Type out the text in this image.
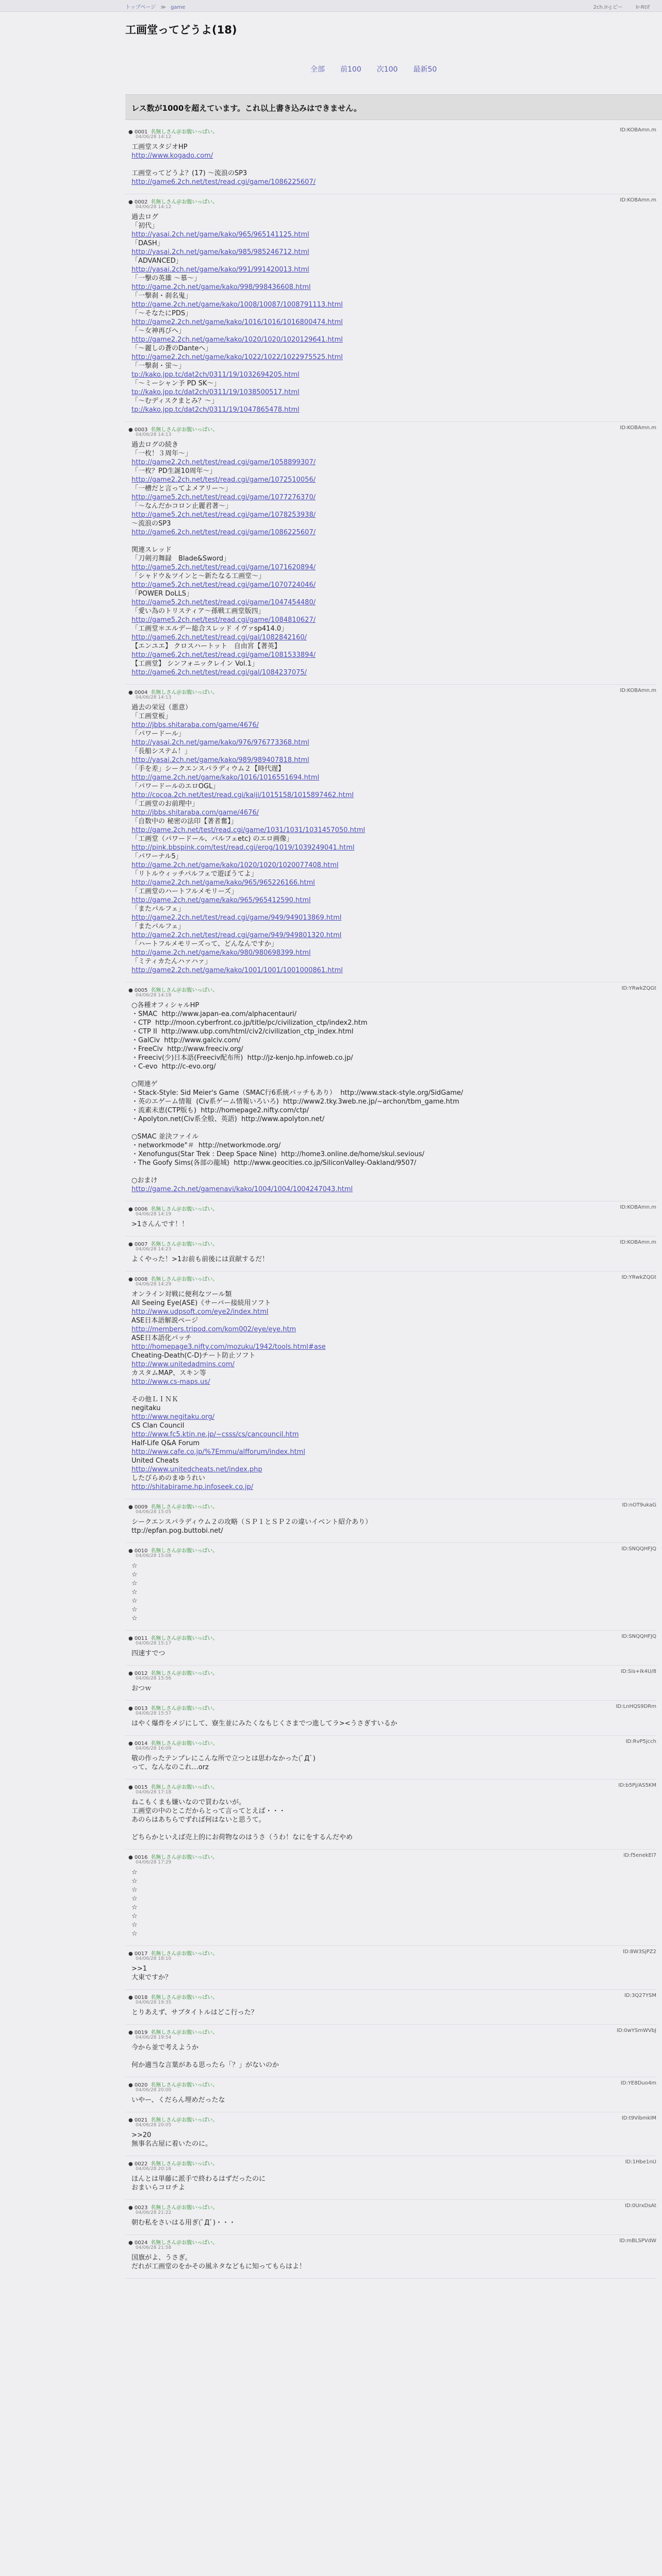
トップページ ≫ game	2ch.lr-j:ピー	lr-Rtif
工画堂ってどうよ(18)
全部	前100	次100	最新50
レス数が1000を超えています。これ以上書き込みはできません。
● 0001 名無しさん＠お腹いっぱい。
04/06/28 14:12
ID:KOBAmn.m
工画堂スタジオHP
http://www.kogado.com/
工画堂ってどうよ？(17) ～流浪のSP3
http://game6.2ch.net/test/read.cgi/game/1086225607/
● 0002 名無しさん＠お腹いっぱい。
04/06/28 14:12
ID:KOBAmn.m
過去ログ
「初代」
http://yasai.2ch.net/game/kako/965/965141125.html
「DASH」
http://yasai.2ch.net/game/kako/985/985246712.html
「ADVANCED」
http://yasai.2ch.net/game/kako/991/991420013.html
「一撃の英雄 ～慕～」
http://game.2ch.net/game/kako/998/998436608.html
「一撃刹・刹名鬼」
http://game.2ch.net/game/kako/1008/10087/1008791113.html
「～そなたにPDS」
http://game2.2ch.net/game/kako/1016/1016/1016800474.html
「～女神再びへ」
http://game2.2ch.net/game/kako/1020/1020/1020129641.html
「～麗しの蒼のDanteへ」
http://game2.2ch.net/game/kako/1022/1022/1022975525.html
「一撃刹・蛍～」
tp://kako.jpp.tc/dat2ch/0311/19/1032694205.html
「～ミーシャン予 PD SK～」
tp://kako.jpp.tc/dat2ch/0311/19/1038500517.html
「～むディスクまとみ？～」
tp://kako.jpp.tc/dat2ch/0311/19/1047865478.html
● 0003 名無しさん＠お腹いっぱい。
04/06/28 14:13
ID:KOBAmn.m
過去ログの続き
「一枚！３周年～」
http://game2.2ch.net/test/read.cgi/game/1058899307/
「一枚？PD生誕10周年～」
http://game2.2ch.net/test/read.cgi/game/1072510056/
「一槽だと言ってよメアリー～」
http://game5.2ch.net/test/read.cgi/game/1077276370/
「～なんだかコロン止麗君著～」
http://game5.2ch.net/test/read.cgi/game/1078253938/
～流浪のSP3
http://game6.2ch.net/test/read.cgi/game/1086225607/
関連スレッド
「刀剣刃舞録　Blade&Sword」
http://game5.2ch.net/test/read.cgi/game/1071620894/
「シャドウ＆ツインと～新たなる工画堂～」
http://game5.2ch.net/test/read.cgi/game/1070724046/
「POWER DoLLS」
http://game5.2ch.net/test/read.cgi/game/1047454480/
「愛い為のトリスティア～孫戦工画堂版四」
http://game5.2ch.net/test/read.cgi/game/1084810627/
「工画堂＊エルデー総合スレッド イヴァsp414.0」
http://game6.2ch.net/test/read.cgi/gal/1082842160/
【エンユエ】 クロスハートット　自由宮【著英】
http://game6.2ch.net/test/read.cgi/game/1081533894/
【工画堂】 シンフォニックレイン Vol.1」
http://game6.2ch.net/test/read.cgi/gal/1084237075/
● 0004 名無しさん＠お腹いっぱい。
04/06/28 14:13
ID:KOBAmn.m
過去の栄冠（悪意）
「工画堂板」
http://jbbs.shitaraba.com/game/4676/
「パワードール」
http://yasai.2ch.net/game/kako/976/976773368.html
「長船システム！」
http://yasai.2ch.net/game/kako/989/989407818.html
「手を差」シークエンスパラディウム２【時代遅】
http://game.2ch.net/game/kako/1016/1016551694.html
「パワードールのエロOGL」
http://cocoa.2ch.net/test/read.cgi/kaiji/1015158/1015897462.html
「工画堂のお前理中」
http://jbbs.shitaraba.com/game/4676/
「自数中の 秘密の法印【著者奮】」
http://game.2ch.net/test/read.cgi/game/1031/1031/1031457050.html
「工画堂（パワードール、パルフェetc) のエロ画像」
http://pink.bbspink.com/test/read.cgi/erog/1019/1039249041.html
「パワーナル5」
http://game.2ch.net/game/kako/1020/1020/1020077408.html
「リトルウィッチパルフェで遊ぼうてよ」
http://game2.2ch.net/game/kako/965/965226166.html
「工画堂のハートフルメモリーズ」
http://game.2ch.net/game/kako/965/965412590.html
「またパルフェ」
http://game2.2ch.net/test/read.cgi/game/949/949013869.html
「またパルフェ」
http://game2.2ch.net/test/read.cgi/game/949/949801320.html
「ハートフルメモリーズって、どんなんですか」
http://game.2ch.net/game/kako/980/980698399.html
「ミティカたんハァハァ」
http://game2.2ch.net/game/kako/1001/1001/1001000861.html
● 0005 名無しさん＠お腹いっぱい。
04/06/28 14:18
ID:YRwkZQGt
○各種オフィシャルHP
・SMAC  http://www.japan-ea.com/alphacentauri/
・CTP  http://moon.cyberfront.co.jp/title/pc/civilization_ctp/index2.htm
・CTP II  http://www.ubp.com/html/civ2/civilization_ctp_index.html
・GalCiv  http://www.galciv.com/
・FreeCiv  http://www.freeciv.org/
・Freeciv(少)日本語(Freeciv配布所)  http://jz-kenjo.hp.infoweb.co.jp/
・C-evo  http://c-evo.org/
○関連ゲ
・Stack-Style: Sid Meier's Game（SMAC行6系統パッチもあり）  http://www.stack-style.org/SidGame/
・英のエゲーム情報  (Civ系ゲーム情報いろいろ)  http://www2.tky.3web.ne.jp/~archon/tbm_game.htm
・流素未恵(CTP版も)  http://homepage2.nifty.com/ctp/
・Apolyton.net(Civ系全般、英語)  http://www.apolyton.net/
○SMAC 並決ファイル
・networkmode"＃  http://networkmode.org/
・Xenofungus(Star Trek : Deep Space Nine)  http://home3.online.de/home/skul.sevious/
・The Goofy Sims(各部の龍城)  http://www.geocities.co.jp/SiliconValley-Oakland/9507/
○おまけ
http://game.2ch.net/gamenavi/kako/1004/1004/1004247043.html
● 0006 名無しさん＠お腹いっぱい。
04/06/28 14:19
ID:KOBAmn.m
>1さんんです！！
● 0007 名無しさん＠お腹いっぱい。
04/06/28 14:23
ID:KOBAmn.m
よくやった！>1お前も前後には貢献するだ！
● 0008 名無しさん＠お腹いっぱい。
04/06/28 14:29
ID:YRwkZQGt
オンライン対戦に便利なツール類
All Seeing Eye(ASE)《サーバー接続用ソフト
http://www.udpsoft.com/eye2/index.html
ASE日本語解説ページ
http://members.tripod.com/kom002/eye/eye.htm
ASE日本語化パッチ
http://homepage3.nifty.com/mozuku/1942/tools.html#ase
Cheating-Death(C-D)チート防止ソフト
http://www.unitedadmins.com/
カスタムMAP、スキン等
http://www.cs-maps.us/
その他ＬＩＮＫ
negitaku
http://www.negitaku.org/
CS Clan Council
http://www.fc5.ktin.ne.jp/~csss/cs/cancouncil.htm
Half-Life Q&A Forum
http://www.cafe.co.jp/%7Emmu/alfforum/index.html
United Cheats
http://www.unitedcheats.net/index.php
したびらめのまゆうれい
http://shitabirame.hp.infoseek.co.jp/
● 0009 名無しさん＠お腹いっぱい。
04/06/28 15:05
ID:nOT9ukaG
シークエンスパラディウム２の攻略（ＳＰ１とＳＰ２の違いイベント紹介あり）
ttp://epfan.pog.buttobi.net/
● 0010 名無しさん＠お腹いっぱい。
04/06/28 15:08
ID:SNQQHFJQ
☆
☆
☆
☆
☆
☆
☆
● 0011 名無しさん＠お腹いっぱい。
04/06/28 15:17
ID:SNQQHFJQ
四速すでつ
● 0012 名無しさん＠お腹いっぱい。
04/06/28 15:56
ID:Sis+Ik4U/8
おつｗ
● 0013 名無しさん＠お腹いっぱい。
04/06/28 15:57
ID:LnHQS9DRm
はやく爆炸をメジにして、寮生並にみたくなもじくさまでつ進してラ><うさぎすいるか
● 0014 名無しさん＠お腹いっぱい。
04/06/28 16:09
ID:RvP5jcch
敬の作ったテンプレにこんな所で立つとは思わなかった(ﾟДﾟ)
って、なんなのこれ…orz
● 0015 名無しさん＠お腹いっぱい。
04/06/28 17:18
ID:b5Pj/AS5KM
ねこもくまも嫌いなので買わないが。
工画堂の中のとこだからとって言ってとえば・・・
あのらはあちらでずれば何はないと思うて。
どちらかといえば売上的にお荷物なのはうさ（うわ！なにをするんだやめ
● 0016 名無しさん＠お腹いっぱい。
04/06/28 17:29
ID:f5enekEl7
☆
☆
☆
☆
☆
☆
☆
☆
● 0017 名無しさん＠お腹いっぱい。
04/06/28 18:10
ID:8W3SjPZ2
>>1
大東ですか？
● 0018 名無しさん＠お腹いっぱい。
04/06/28 19:35
ID:3Q27YSM
とりあえず、サブタイトルはどこ行った？
● 0019 名無しさん＠お腹いっぱい。
04/06/28 19:54
ID:0wYSmWVbJ
今から並で考えようか
何か適当な言葉がある思ったら「？」がないのか
● 0020 名無しさん＠お腹いっぱい。
04/06/28 20:00
ID:YE8Duo4m
いやー、くだらん埋めだったな
● 0021 名無しさん＠お腹いっぱい。
04/06/28 20:05
ID:t9VibmkIM
>>20
無事名古屋に着いたのに。
● 0022 名無しさん＠お腹いっぱい。
04/06/28 20:16
ID:1Hbe1nU
ほんとは単藤に派手で終わるはずだったのに
おまいらコロチよ
● 0023 名無しさん＠お腹いっぱい。
04/06/28 21:22
ID:0UrxDsAt
朝む私をさいはる用ぎ(ﾟДﾟ)・・・
● 0024 名無しさん＠お腹いっぱい。
04/06/28 21:58
ID:mBLSPVdW
国旗がよ、うさぎ。
だれが工画堂のをかその風ネタなどもに知ってもらはよ！
